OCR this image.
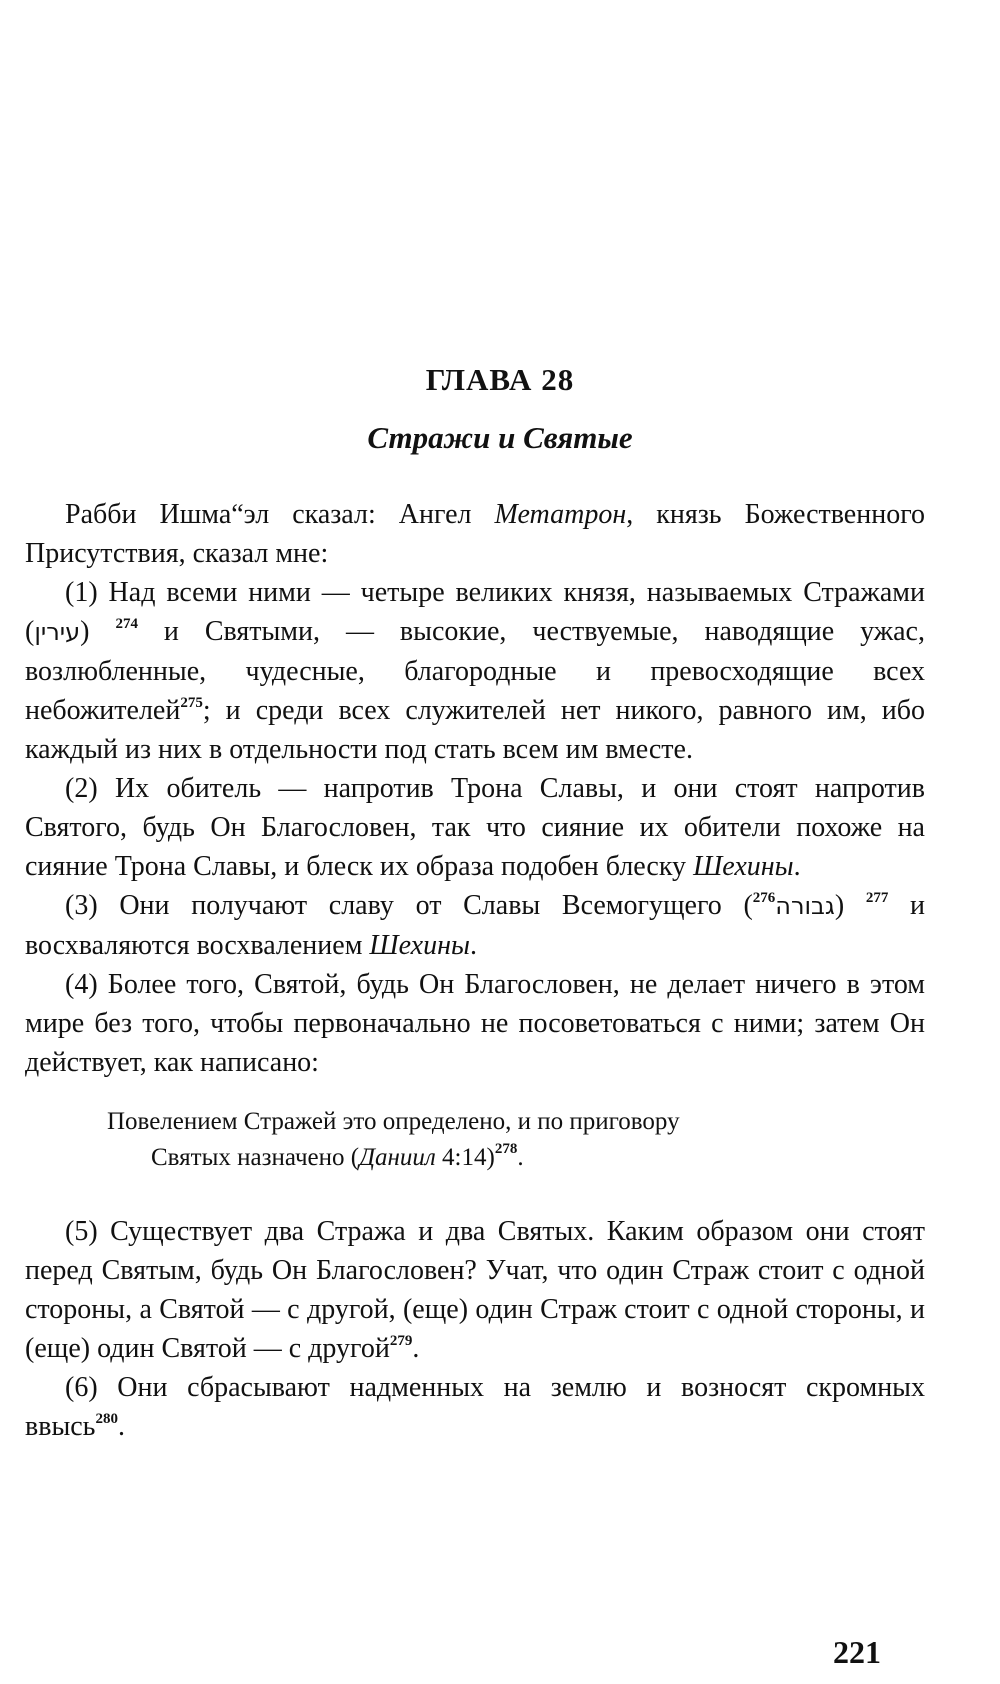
ГЛАВА 28
Стражи и Святые

Рабби Ишма“эл сказал: Ангел Метатрон, князь Божественного Присутствия, сказал мне:

(1) Над всеми ними — четыре великих князя, называемых Стражами (עירין) $^{274}$ и Святыми, — высокие, чествуемые, наводящие ужас, возлюбленные, чудесные, благородные и превосходящие всех небожителей$^{275}$; и среди всех служителей нет никого, равного им, ибо каждый из них в отдельности под стать всем им вместе.

(2) Их обитель — напротив Трона Славы, и они стоят напротив Святого, будь Он Благословен, так что сияние их обители похоже на сияние Трона Славы, и блеск их образа подобен блеску Шехины.

(3) Они получают славу от Славы Всемогущего ($^{276}$גבורה) $^{277}$ и восхваляются восхвалением Шехины.

(4) Более того, Святой, будь Он Благословен, не делает ничего в этом мире без того, чтобы первоначально не посоветоваться с ними; затем Он действует, как написано:

Повелением Стражей это определено, и по приговору
Святых назначено (Даниил 4:14)$^{278}$.

(5) Существует два Стража и два Святых. Каким образом они стоят перед Святым, будь Он Благословен? Учат, что один Страж стоит с одной стороны, а Святой — с другой, (еще) один Страж стоит с одной стороны, и (еще) один Святой — с другой$^{279}$.

(6) Они сбрасывают надменных на землю и возносят скромных ввысь$^{280}$.

221
